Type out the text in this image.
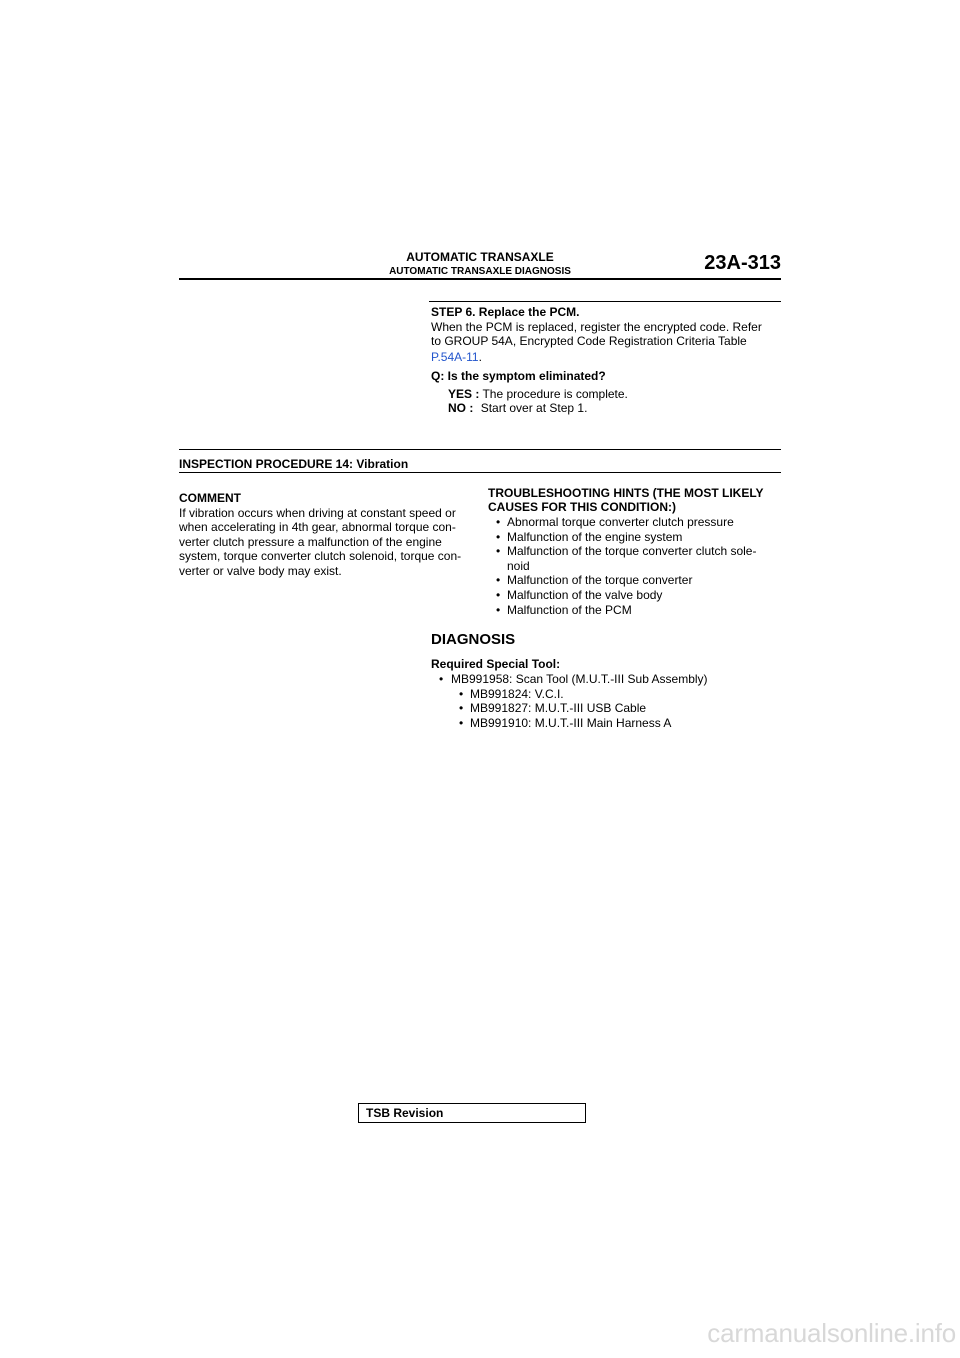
AUTOMATIC TRANSAXLE
AUTOMATIC TRANSAXLE DIAGNOSIS	23A-313
STEP 6. Replace the PCM.
When the PCM is replaced, register the encrypted code. Refer
to GROUP 54A, Encrypted Code Registration Criteria Table
P.54A-11.
Q: Is the symptom eliminated?
YES : The procedure is complete.
NO : Start over at Step 1.
INSPECTION PROCEDURE 14: Vibration
COMMENT
If vibration occurs when driving at constant speed or
when accelerating in 4th gear, abnormal torque con-
verter clutch pressure a malfunction of the engine
system, torque converter clutch solenoid, torque con-
verter or valve body may exist.
TROUBLESHOOTING HINTS (THE MOST LIKELY
CAUSES FOR THIS CONDITION:)
• Abnormal torque converter clutch pressure
• Malfunction of the engine system
• Malfunction of the torque converter clutch sole-
noid
• Malfunction of the torque converter
• Malfunction of the valve body
• Malfunction of the PCM
DIAGNOSIS
Required Special Tool:
• MB991958: Scan Tool (M.U.T.-III Sub Assembly)
• MB991824: V.C.I.
• MB991827: M.U.T.-III USB Cable
• MB991910: M.U.T.-III Main Harness A
TSB Revision
carmanualsonline.info
